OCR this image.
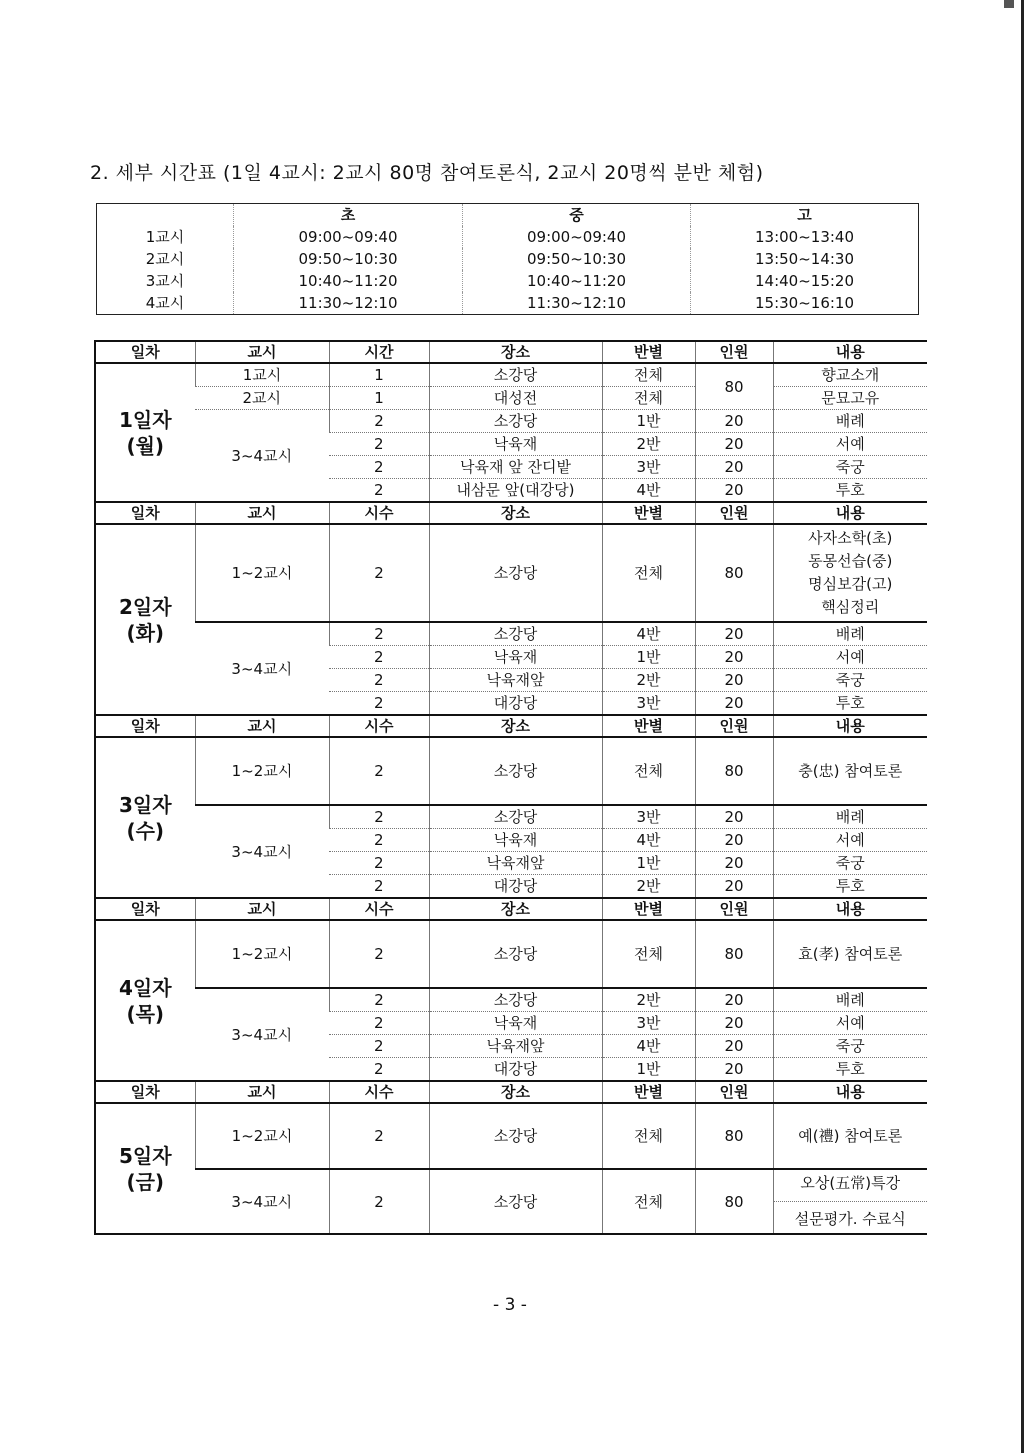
2. 세부 시간표 (1일 4교시: 2교시 80명 참여토론식, 2교시 20명씩 분반 체험)
	초	중	고
1교시	09:00~09:40	09:00~09:40	13:00~13:40
2교시	09:50~10:30	09:50~10:30	13:50~14:30
3교시	10:40~11:20	10:40~11:20	14:40~15:20
4교시	11:30~12:10	11:30~12:10	15:30~16:10
일차	교시	시간	장소	반별	인원	내용

1일자
(월)	1교시	1	소강당	전체	80	향교소개
	2교시	1	대성전	전체		문묘고유
	3~4교시	2	소강당	1반	20	배례
		2	낙육재	2반	20	서예
		2	낙육재 앞 잔디밭	3반	20	죽궁
		2	내삼문 앞(대강당)	4반	20	투호
일차	교시	시수	장소	반별	인원	내용

2일자
(화)	1~2교시	2	소강당	전체	80	사자소학(초)
동몽선습(중)
명심보감(고)
핵심정리

	3~4교시	2	소강당	4반	20	배례
		2	낙육재	1반	20	서예
		2	낙육재앞	2반	20	죽궁
		2	대강당	3반	20	투호
일차	교시	시수	장소	반별	인원	내용

3일자
(수)	1~2교시	2	소강당	전체	80	충(忠) 참여토론
	3~4교시	2	소강당	3반	20	배례
		2	낙육재	4반	20	서예
		2	낙육재앞	1반	20	죽궁
		2	대강당	2반	20	투호
일차	교시	시수	장소	반별	인원	내용

4일자
(목)	1~2교시	2	소강당	전체	80	효(孝) 참여토론
	3~4교시	2	소강당	2반	20	배례
		2	낙육재	3반	20	서예
		2	낙육재앞	4반	20	죽궁
		2	대강당	1반	20	투호
일차	교시	시수	장소	반별	인원	내용

5일자
(금)	1~2교시	2	소강당	전체	80	예(禮) 참여토론
	3~4교시	2	소강당	전체	80	오상(五常)특강
설문평가. 수료식
- 3 -
